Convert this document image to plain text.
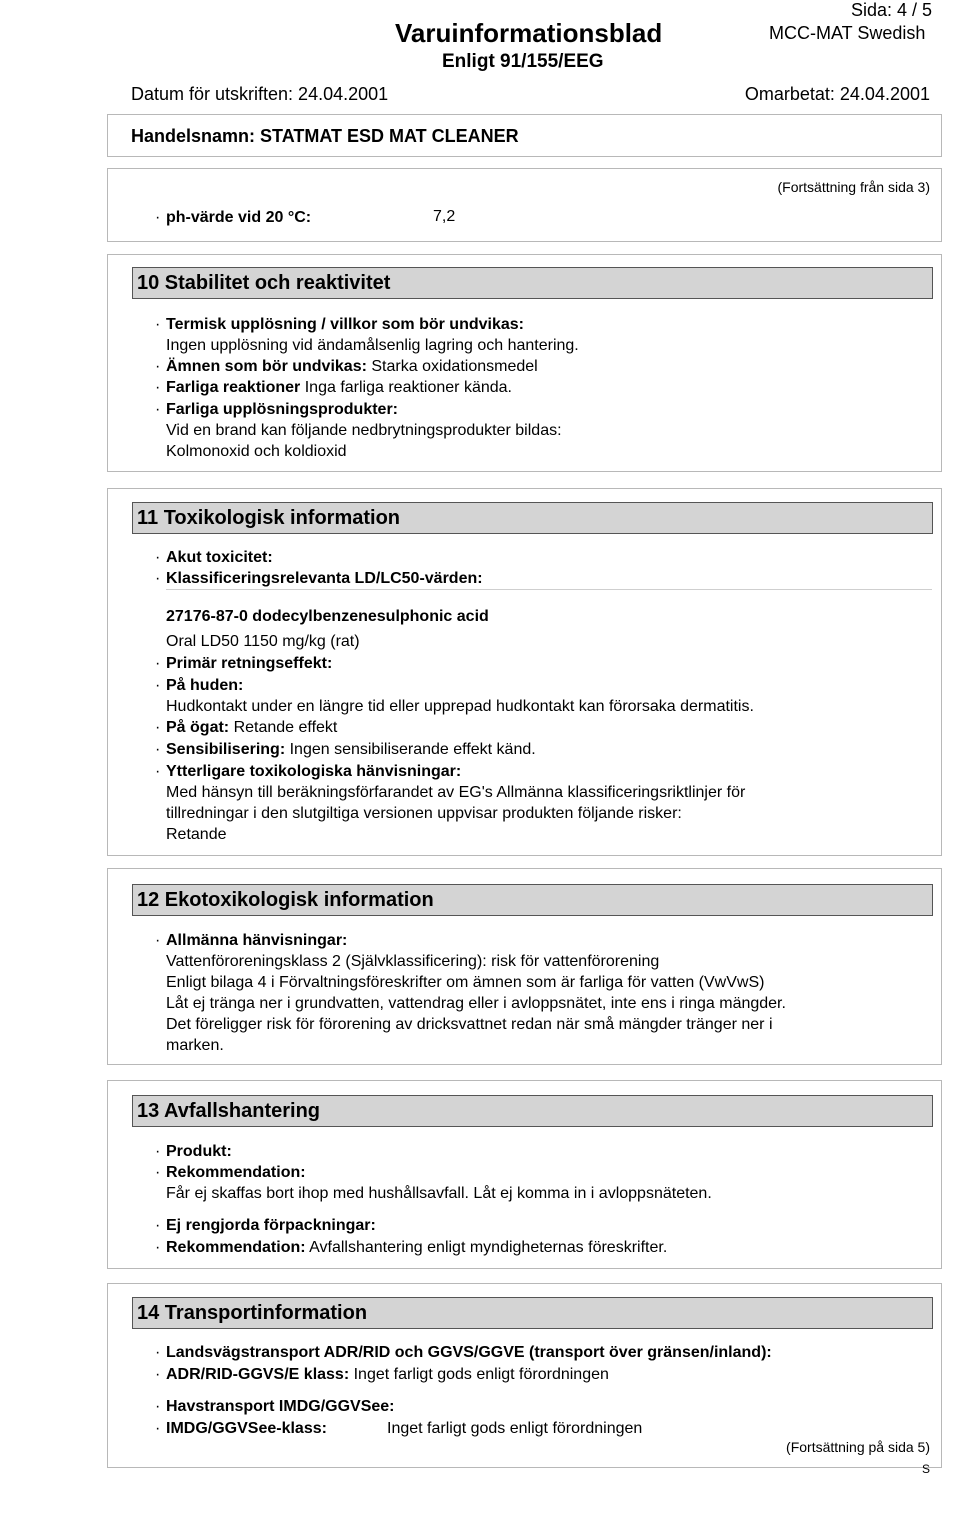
Sida: 4 / 5
Varuinformationsblad
Enligt 91/155/EEG
MCC-MAT Swedish
Datum för utskriften: 24.04.2001	Omarbetat: 24.04.2001
Handelsnamn: STATMAT ESD MAT CLEANER
(Fortsättning från sida 3)
· ph-värde vid 20 °C:	7,2
10 Stabilitet och reaktivitet
· Termisk upplösning / villkor som bör undvikas:
Ingen upplösning vid ändamålsenlig lagring och hantering.
· Ämnen som bör undvikas: Starka oxidationsmedel
· Farliga reaktioner Inga farliga reaktioner kända.
· Farliga upplösningsprodukter:
Vid en brand kan följande nedbrytningsprodukter bildas:
Kolmonoxid och koldioxid
11 Toxikologisk information
· Akut toxicitet:
· Klassificeringsrelevanta LD/LC50-värden:
27176-87-0 dodecylbenzenesulphonic acid
Oral LD50 1150 mg/kg (rat)
· Primär retningseffekt:
· På huden:
Hudkontakt under en längre tid eller upprepad hudkontakt kan förorsaka dermatitis.
· På ögat: Retande effekt
· Sensibilisering: Ingen sensibiliserande effekt känd.
· Ytterligare toxikologiska hänvisningar:
Med hänsyn till beräkningsförfarandet av EG's Allmänna klassificeringsriktlinjer för
tillredningar i den slutgiltiga versionen uppvisar produkten följande risker:
Retande
12 Ekotoxikologisk information
· Allmänna hänvisningar:
Vattenföroreningsklass 2 (Självklassificering): risk för vattenförorening
Enligt bilaga 4 i Förvaltningsföreskrifter om ämnen som är farliga för vatten (VwVwS)
Låt ej tränga ner i grundvatten, vattendrag eller i avloppsnätet, inte ens i ringa mängder.
Det föreligger risk för förorening av dricksvattnet redan när små mängder tränger ner i
marken.
13 Avfallshantering
· Produkt:
· Rekommendation:
Får ej skaffas bort ihop med hushållsavfall. Låt ej komma in i avloppsnäteten.
· Ej rengjorda förpackningar:
· Rekommendation: Avfallshantering enligt myndigheternas föreskrifter.
14 Transportinformation
· Landsvägstransport ADR/RID och GGVS/GGVE (transport över gränsen/inland):
· ADR/RID-GGVS/E klass: Inget farligt gods enligt förordningen
· Havstransport IMDG/GGVSee:
· IMDG/GGVSee-klass:	Inget farligt gods enligt förordningen
(Fortsättning på sida 5)
S
